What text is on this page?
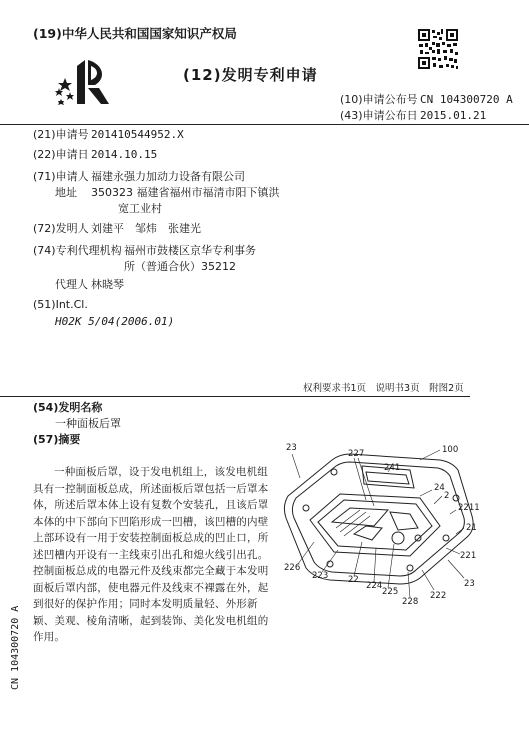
(19)中华人民共和国国家知识产权局
(12)发明专利申请
(10)申请公布号 CN 104300720 A
(43)申请公布日 2015.01.21
(21)申请号 201410544952.X
(22)申请日 2014.10.15
(71)申请人 福建永强力加动力设备有限公司
地址 350323 福建省福州市福清市阳下镇洪
宽工业村
(72)发明人 刘建平　邹炜　张建光
(74)专利代理机构 福州市鼓楼区京华专利事务
所（普通合伙）35212
代理人 林晓琴
(51)Int.Cl.
H02K 5/04(2006.01)
权利要求书1页　说明书3页　附图2页
(54)发明名称
一种面板后罩
(57)摘要
一种面板后罩，设于发电机组上，该发电机组具有一控制面板总成，所述面板后罩包括一后罩本体，所述后罩本体上设有复数个安装孔，且该后罩本体的中下部向下凹陷形成一凹槽，该凹槽的内壁上部环设有一用于安装控制面板总成的凹止口，所述凹槽内开设有一主线束引出孔和熄火线引出孔。控制面板总成的电器元件及线束都完全藏于本发明面板后罩内部，使电器元件及线束不裸露在外，起到很好的保护作用；同时本发明质量轻、外形新颖、美观、棱角清晰，起到装饰、美化发电机组的作用。
23	100
227
241
24
2
2211
21
221
226
223 22
224
225
228
222
23
CN 104300720 A
